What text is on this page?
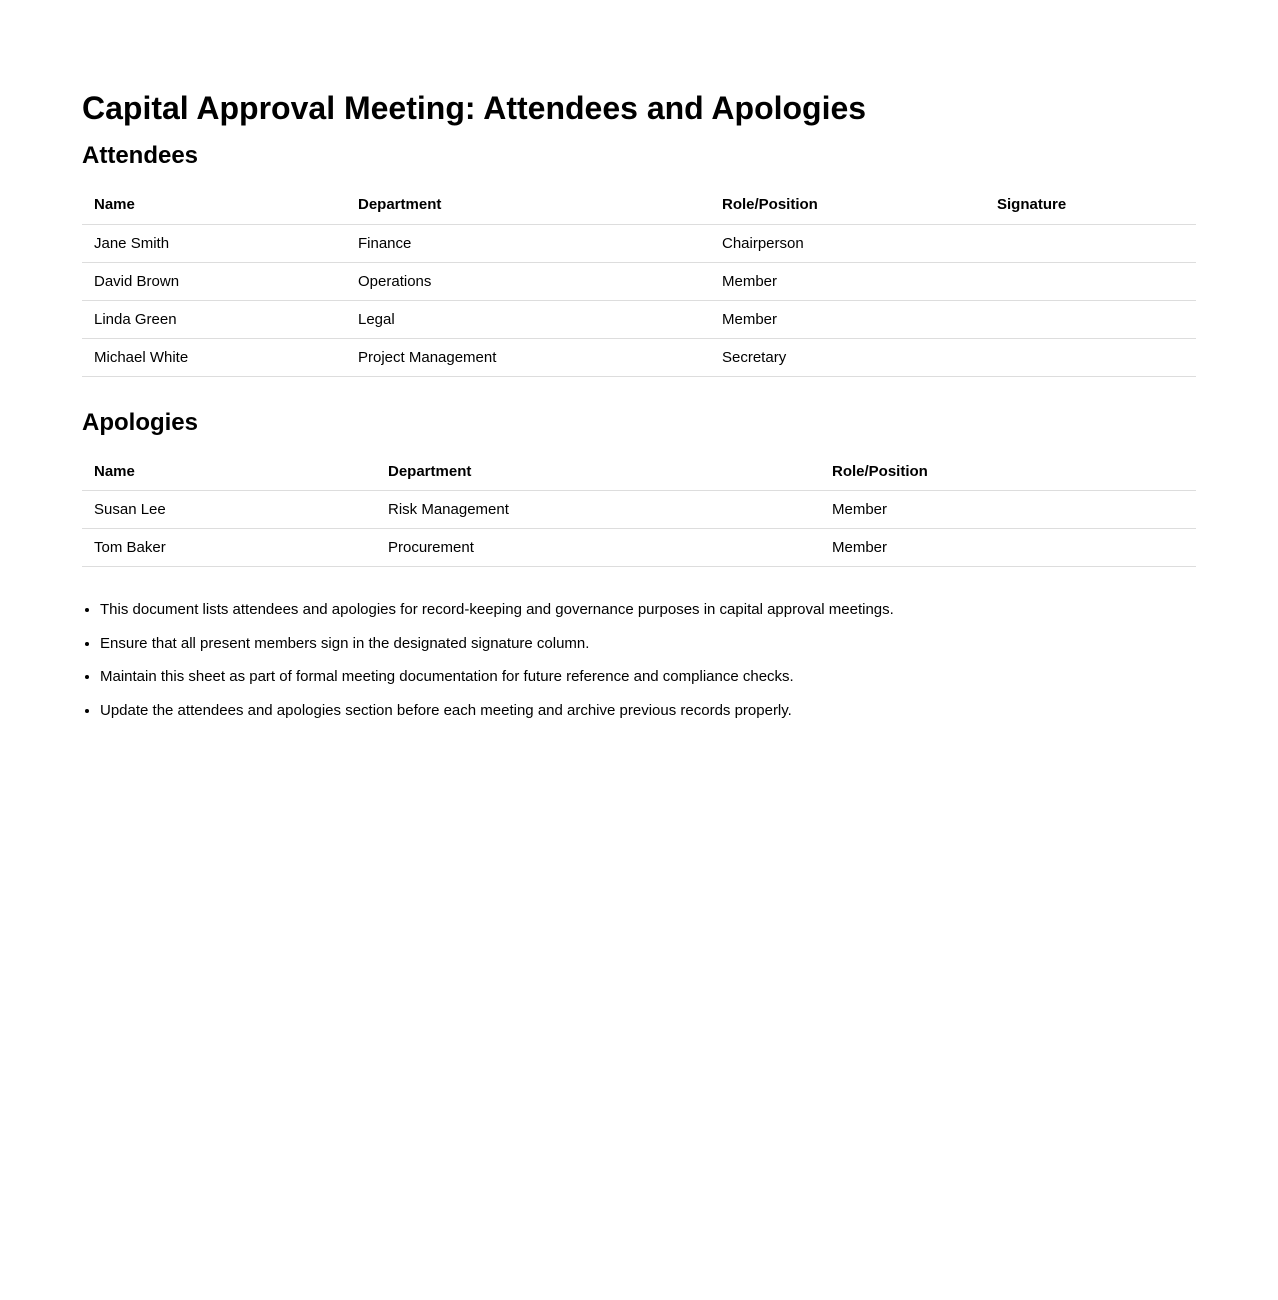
Capital Approval Meeting: Attendees and Apologies
Attendees
Name	Department	Role/Position	Signature
Jane Smith	Finance	Chairperson	
David Brown	Operations	Member	
Linda Green	Legal	Member	
Michael White	Project Management	Secretary	
Apologies
Name	Department	Role/Position
Susan Lee	Risk Management	Member
Tom Baker	Procurement	Member
• This document lists attendees and apologies for record-keeping and governance purposes in capital approval meetings.
• Ensure that all present members sign in the designated signature column.
• Maintain this sheet as part of formal meeting documentation for future reference and compliance checks.
• Update the attendees and apologies section before each meeting and archive previous records properly.
